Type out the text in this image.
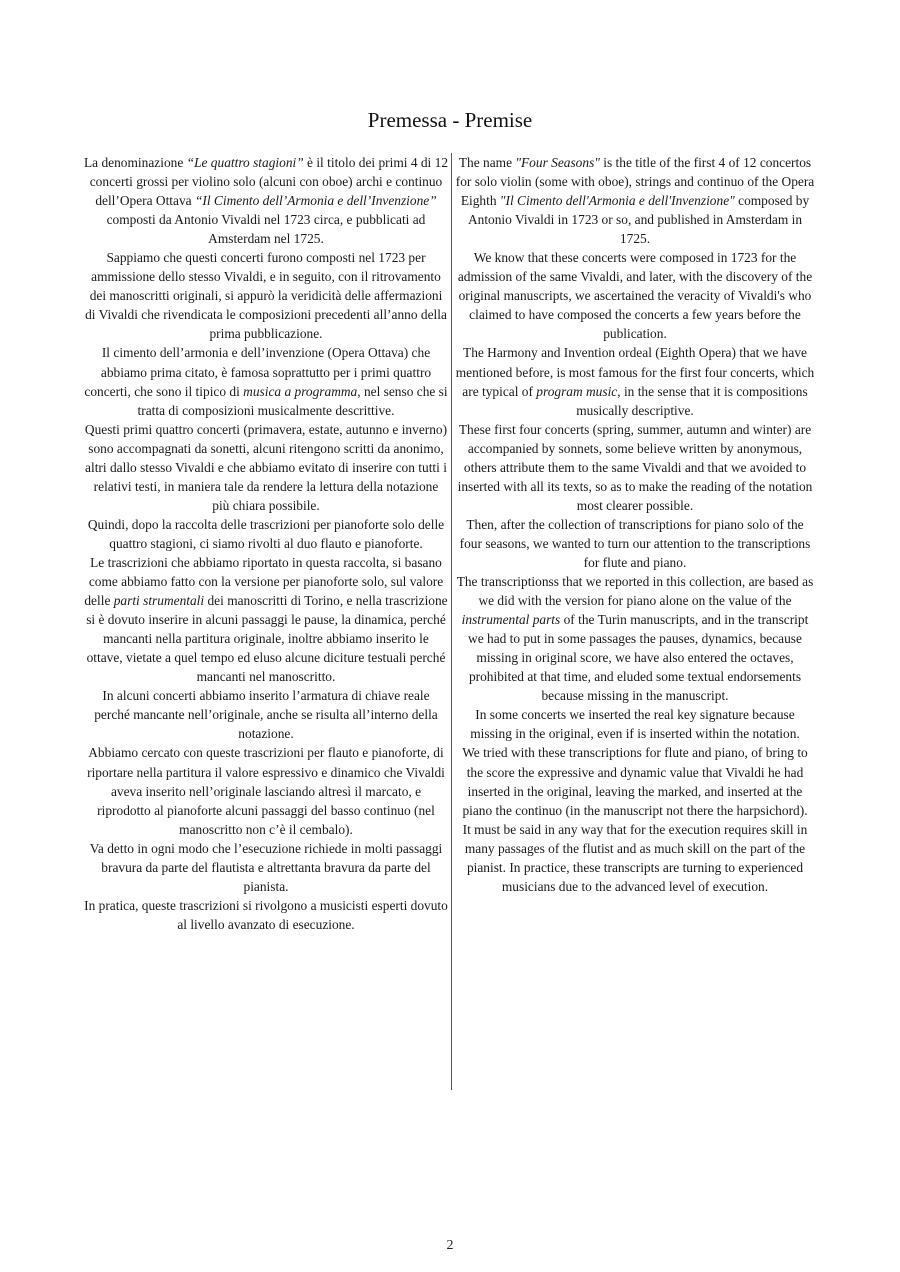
Premessa - Premise

La denominazione “Le quattro stagioni” è il titolo dei primi 4 di 12 concerti grossi per violino solo (alcuni con oboe) archi e continuo dell’Opera Ottava “Il Cimento dell’Armonia e dell’Invenzione” composti da Antonio Vivaldi nel 1723 circa, e pubblicati ad Amsterdam nel 1725.

Sappiamo che questi concerti furono composti nel 1723 per ammissione dello stesso Vivaldi, e in seguito, con il ritrovamento dei manoscritti originali, si appurò la veridicità delle affermazioni di Vivaldi che rivendicata le composizioni precedenti all’anno della prima pubblicazione.

Il cimento dell’armonia e dell’invenzione (Opera Ottava) che abbiamo prima citato, è famosa soprattutto per i primi quattro concerti, che sono il tipico di musica a programma, nel senso che si tratta di composizioni musicalmente descrittive.

Questi primi quattro concerti (primavera, estate, autunno e inverno) sono accompagnati da sonetti, alcuni ritengono scritti da anonimo, altri dallo stesso Vivaldi e che abbiamo evitato di inserire con tutti i relativi testi, in maniera tale da rendere la lettura della notazione più chiara possibile.

Quindi, dopo la raccolta delle trascrizioni per pianoforte solo delle quattro stagioni, ci siamo rivolti al duo flauto e pianoforte.

Le trascrizioni che abbiamo riportato in questa raccolta, si basano come abbiamo fatto con la versione per pianoforte solo, sul valore delle parti strumentali dei manoscritti di Torino, e nella trascrizione si è dovuto inserire in alcuni passaggi le pause, la dinamica, perché mancanti nella partitura originale, inoltre abbiamo inserito le ottave, vietate a quel tempo ed eluso alcune diciture testuali perché mancanti nel manoscritto.

In alcuni concerti abbiamo inserito l’armatura di chiave reale perché mancante nell’originale, anche se risulta all’interno della notazione.

Abbiamo cercato con queste trascrizioni per flauto e pianoforte, di riportare nella partitura il valore espressivo e dinamico che Vivaldi aveva inserito nell’originale lasciando altresì il marcato, e riprodotto al pianoforte alcuni passaggi del basso continuo (nel manoscritto non c’è il cembalo).

Va detto in ogni modo che l’esecuzione richiede in molti passaggi bravura da parte del flautista e altrettanta bravura da parte del pianista.

In pratica, queste trascrizioni si rivolgono a musicisti esperti dovuto al livello avanzato di esecuzione.

The name "Four Seasons" is the title of the first 4 of 12 concertos for solo violin (some with oboe), strings and continuo of the Opera Eighth "Il Cimento dell'Armonia e dell'Invenzione" composed by Antonio Vivaldi in 1723 or so, and published in Amsterdam in 1725.

We know that these concerts were composed in 1723 for the admission of the same Vivaldi, and later, with the discovery of the original manuscripts, we ascertained the veracity of Vivaldi's who claimed to have composed the concerts a few years before the publication.

The Harmony and Invention ordeal (Eighth Opera) that we have mentioned before, is most famous for the first four concerts, which are typical of program music, in the sense that it is compositions musically descriptive.

These first four concerts (spring, summer, autumn and winter) are accompanied by sonnets, some believe written by anonymous, others attribute them to the same Vivaldi and that we avoided to inserted with all its texts, so as to make the reading of the notation most clearer possible.

Then, after the collection of transcriptions for piano solo of the four seasons, we wanted to turn our attention to the transcriptions for flute and piano.

The transcriptionss that we reported in this collection, are based as we did with the version for piano alone on the value of the instrumental parts of the Turin manuscripts, and in the transcript we had to put in some passages the pauses, dynamics, because missing in original score, we have also entered the octaves, prohibited at that time, and eluded some textual endorsements because missing in the manuscript.

In some concerts we inserted the real key signature because missing in the original, even if is inserted within the notation.

We tried with these transcriptions for flute and piano, of bring to the score the expressive and dynamic value that Vivaldi he had inserted in the original, leaving the marked, and inserted at the piano the continuo (in the manuscript not there the harpsichord).

It must be said in any way that for the execution requires skill in many passages of the flutist and as much skill on the part of the pianist. In practice, these transcripts are turning to experienced musicians due to the advanced level of execution.

2
